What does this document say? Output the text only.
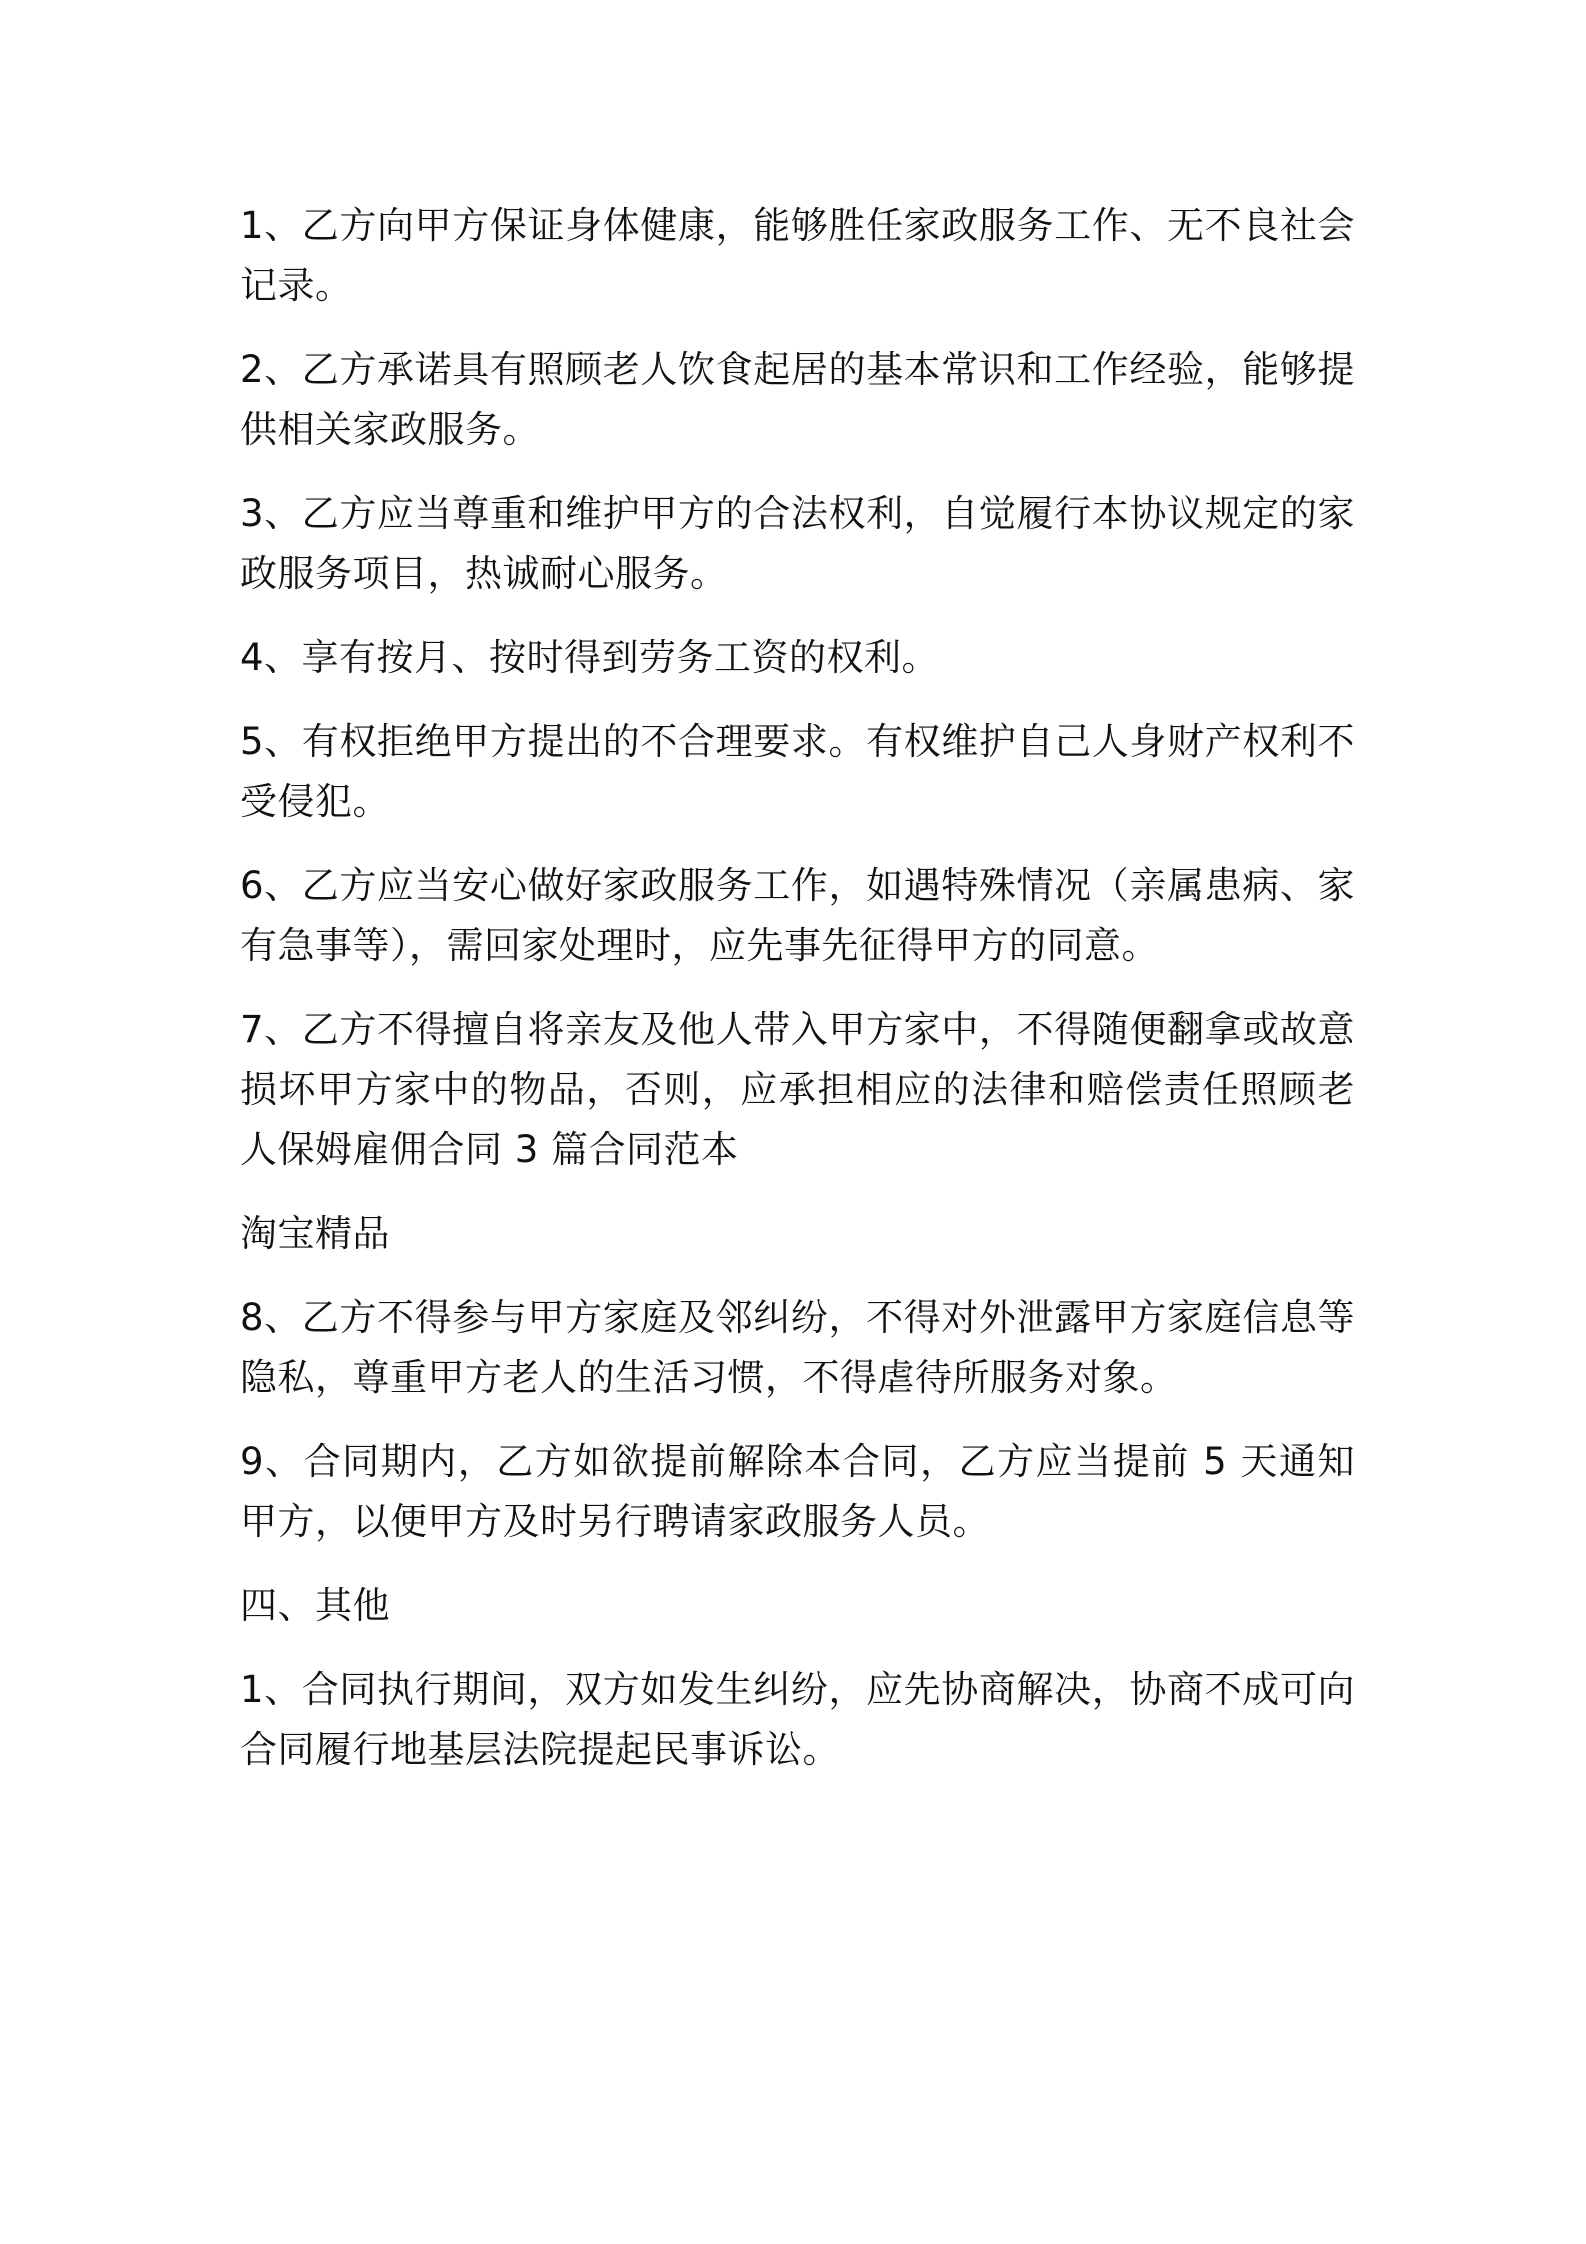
1、乙方向甲方保证身体健康，能够胜任家政服务工作、无不良社会记录。

2、乙方承诺具有照顾老人饮食起居的基本常识和工作经验，能够提供相关家政服务。

3、乙方应当尊重和维护甲方的合法权利，自觉履行本协议规定的家政服务项目，热诚耐心服务。

4、享有按月、按时得到劳务工资的权利。

5、有权拒绝甲方提出的不合理要求。有权维护自己人身财产权利不受侵犯。

6、乙方应当安心做好家政服务工作，如遇特殊情况（亲属患病、家有急事等），需回家处理时，应先事先征得甲方的同意。

7、乙方不得擅自将亲友及他人带入甲方家中，不得随便翻拿或故意损坏甲方家中的物品，否则，应承担相应的法律和赔偿责任照顾老人保姆雇佣合同 3 篇合同范本

淘宝精品

8、乙方不得参与甲方家庭及邻纠纷，不得对外泄露甲方家庭信息等隐私，尊重甲方老人的生活习惯，不得虐待所服务对象。

9、合同期内，乙方如欲提前解除本合同，乙方应当提前 5 天通知甲方，以便甲方及时另行聘请家政服务人员。

四、其他

1、合同执行期间，双方如发生纠纷，应先协商解决，协商不成可向合同履行地基层法院提起民事诉讼。
